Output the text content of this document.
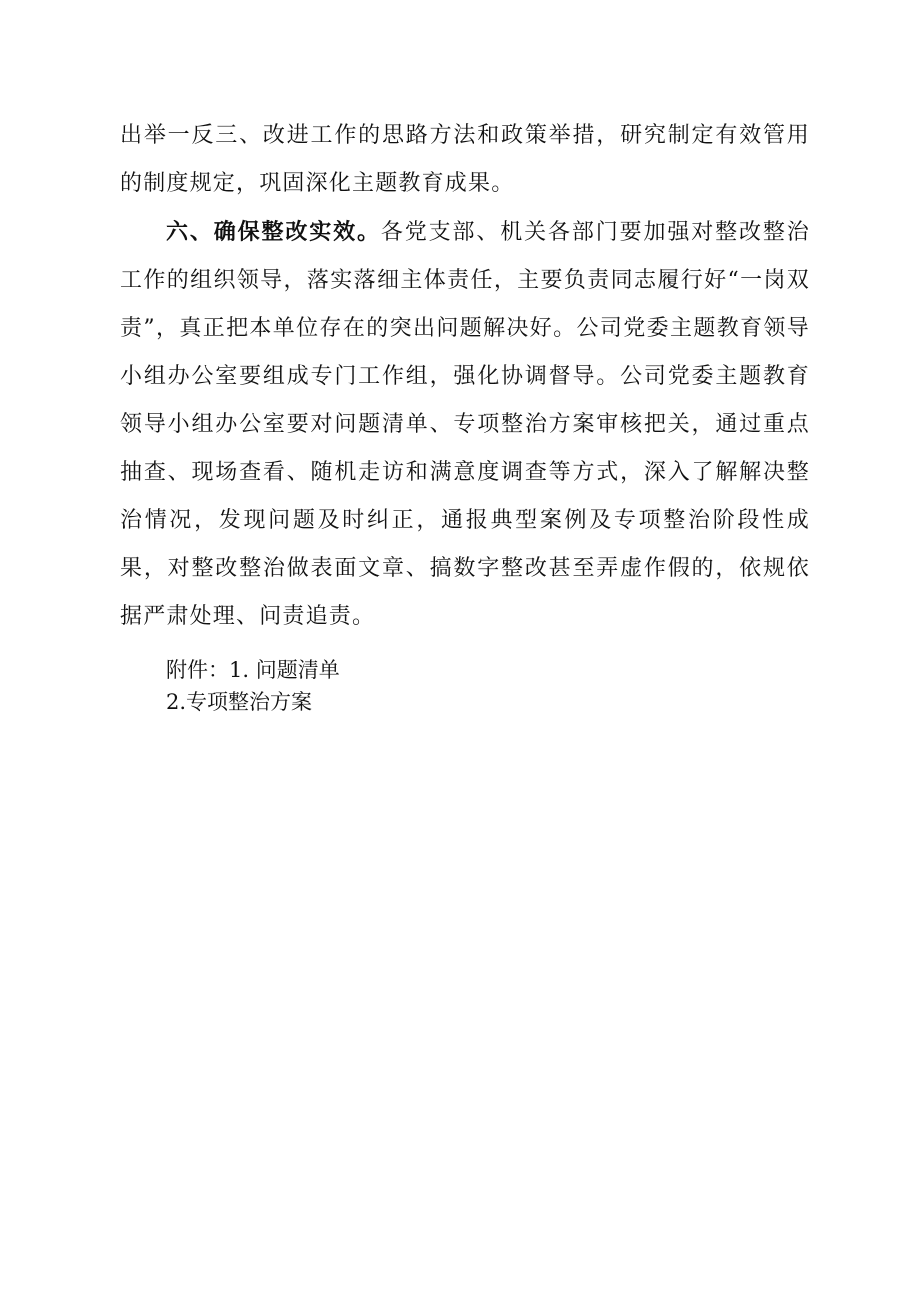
出举一反三、改进工作的思路方法和政策举措，研究制定有效管用的制度规定，巩固深化主题教育成果。

六、确保整改实效。各党支部、机关各部门要加强对整改整治工作的组织领导，落实落细主体责任，主要负责同志履行好“一岗双责”，真正把本单位存在的突出问题解决好。公司党委主题教育领导小组办公室要组成专门工作组，强化协调督导。公司党委主题教育领导小组办公室要对问题清单、专项整治方案审核把关，通过重点抽查、现场查看、随机走访和满意度调查等方式，深入了解解决整治情况，发现问题及时纠正，通报典型案例及专项整治阶段性成果，对整改整治做表面文章、搞数字整改甚至弄虚作假的，依规依据严肃处理、问责追责。

附件：1. 问题清单
2.专项整治方案
